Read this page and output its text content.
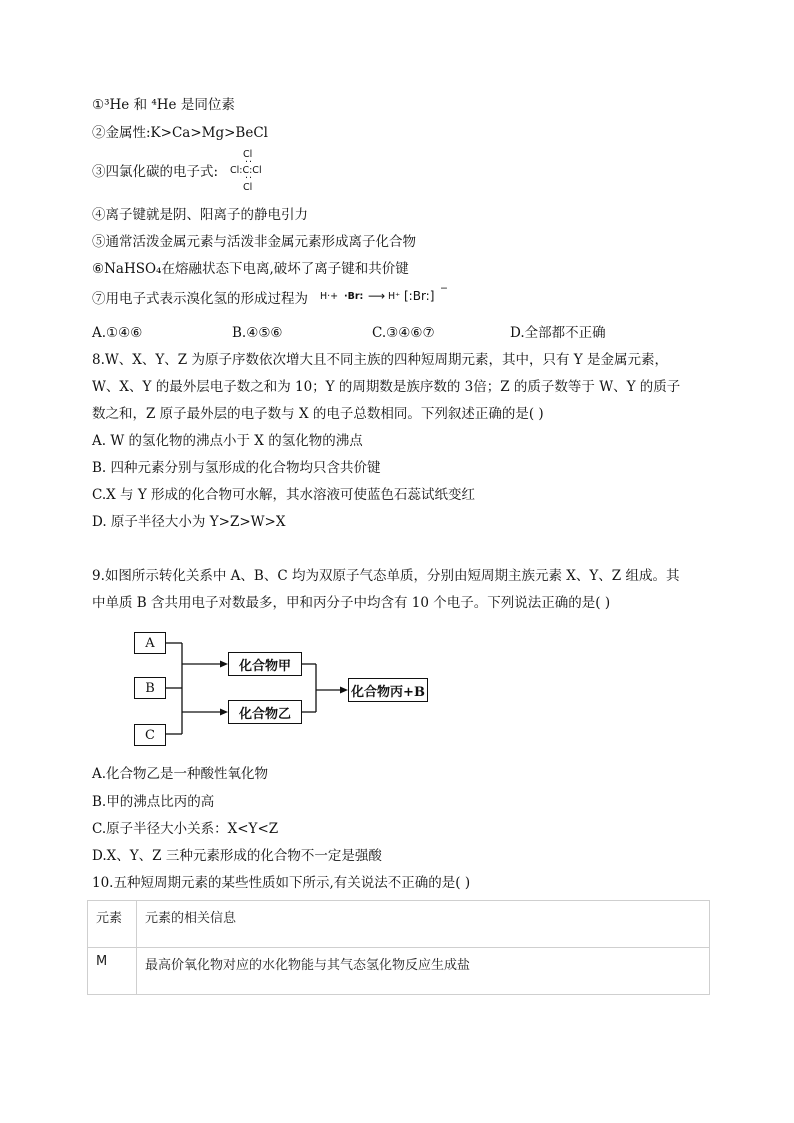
①³He 和 ⁴He 是同位素
②金属性:K>Ca>Mg>BeCl
③四氯化碳的电子式:
Cl
··
Cl:C:Cl
··
Cl
④离子键就是阴、阳离子的静电引力
⑤通常活泼金属元素与活泼非金属元素形成离子化合物
⑥NaHSO₄在熔融状态下电离,破坏了离子键和共价键
⑦用电子式表示溴化氢的形成过程为 H·+ ·Br: ⟶ H⁺ [:Br:]
−
A.①④⑥	B.④⑤⑥	C.③④⑥⑦	D.全部都不正确
8.W、X、Y、Z 为原子序数依次增大且不同主族的四种短周期元素，其中，只有 Y 是金属元素，
W、X、Y 的最外层电子数之和为 10；Y 的周期数是族序数的 3倍；Z 的质子数等于 W、Y 的质子
数之和，Z 原子最外层的电子数与 X 的电子总数相同。下列叙述正确的是( )
A. W 的氢化物的沸点小于 X 的氢化物的沸点
B. 四种元素分别与氢形成的化合物均只含共价键
C.X 与 Y 形成的化合物可水解，其水溶液可使蓝色石蕊试纸变红
D. 原子半径大小为 Y>Z>W>X
9.如图所示转化关系中 A、B、C 均为双原子气态单质，分别由短周期主族元素 X、Y、Z 组成。其
中单质 B 含共用电子对数最多，甲和丙分子中均含有 10 个电子。下列说法正确的是( )
A
B
C
化合物甲
化合物乙
化合物丙+B
A.化合物乙是一种酸性氧化物
B.甲的沸点比丙的高
C.原子半径大小关系：X<Y<Z
D.X、Y、Z 三种元素形成的化合物不一定是强酸
10.五种短周期元素的某些性质如下所示,有关说法不正确的是( )
元素	元素的相关信息
M	最高价氧化物对应的水化物能与其气态氢化物反应生成盐
